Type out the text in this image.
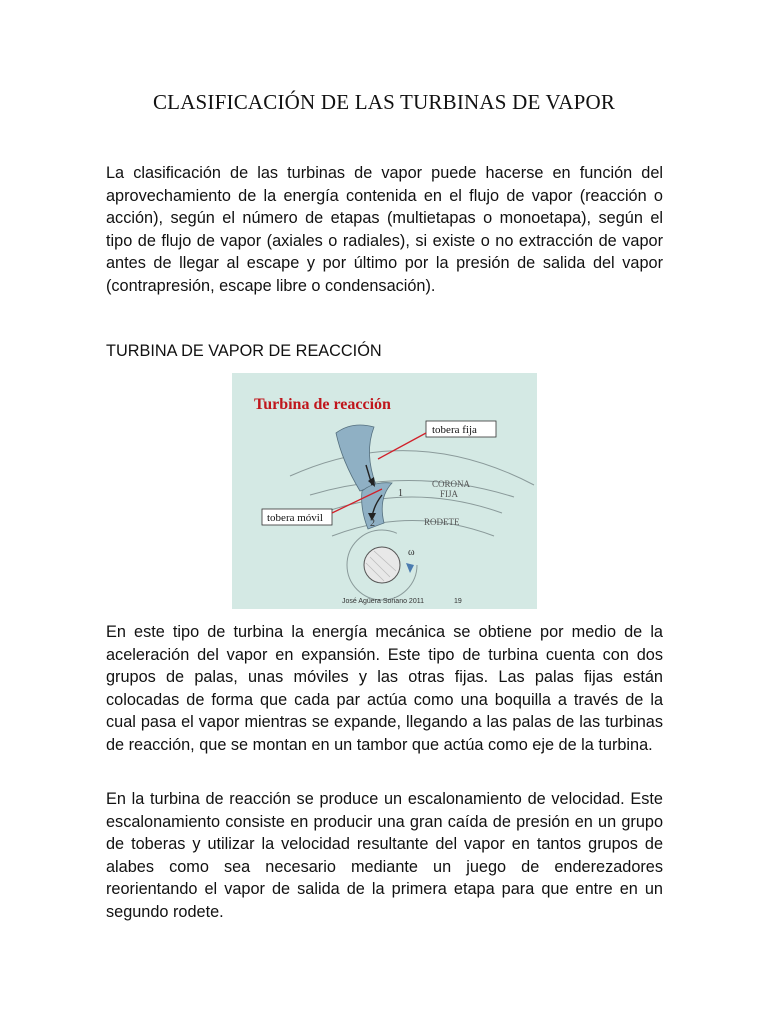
CLASIFICACIÓN DE LAS TURBINAS DE VAPOR

La clasificación de las turbinas de vapor puede hacerse en función del aprovechamiento de la energía contenida en el flujo de vapor (reacción o acción), según el número de etapas (multietapas o monoetapa), según el tipo de flujo de vapor (axiales o radiales), si existe o no extracción de vapor antes de llegar al escape y por último por la presión de salida del vapor (contrapresión, escape libre o condensación).

TURBINA DE VAPOR DE REACCIÓN
Turbina de reacción
tobera fija
tobera móvil
1
2
CORONA
FIJA
RODETE
ω
José Agüera Soriano 2011	19

En este tipo de turbina la energía mecánica se obtiene por medio de la aceleración del vapor en expansión. Este tipo de turbina cuenta con dos grupos de palas, unas móviles y las otras fijas. Las palas fijas están colocadas de forma que cada par actúa como una boquilla a través de la cual pasa el vapor mientras se expande, llegando a las palas de las turbinas de reacción, que se montan en un tambor que actúa como eje de la turbina.

En la turbina de reacción se produce un escalonamiento de velocidad. Este escalonamiento consiste en producir una gran caída de presión en un grupo de toberas y utilizar la velocidad resultante del vapor en tantos grupos de alabes como sea necesario mediante un juego de enderezadores reorientando el vapor de salida de la primera etapa para que entre en un segundo rodete.
